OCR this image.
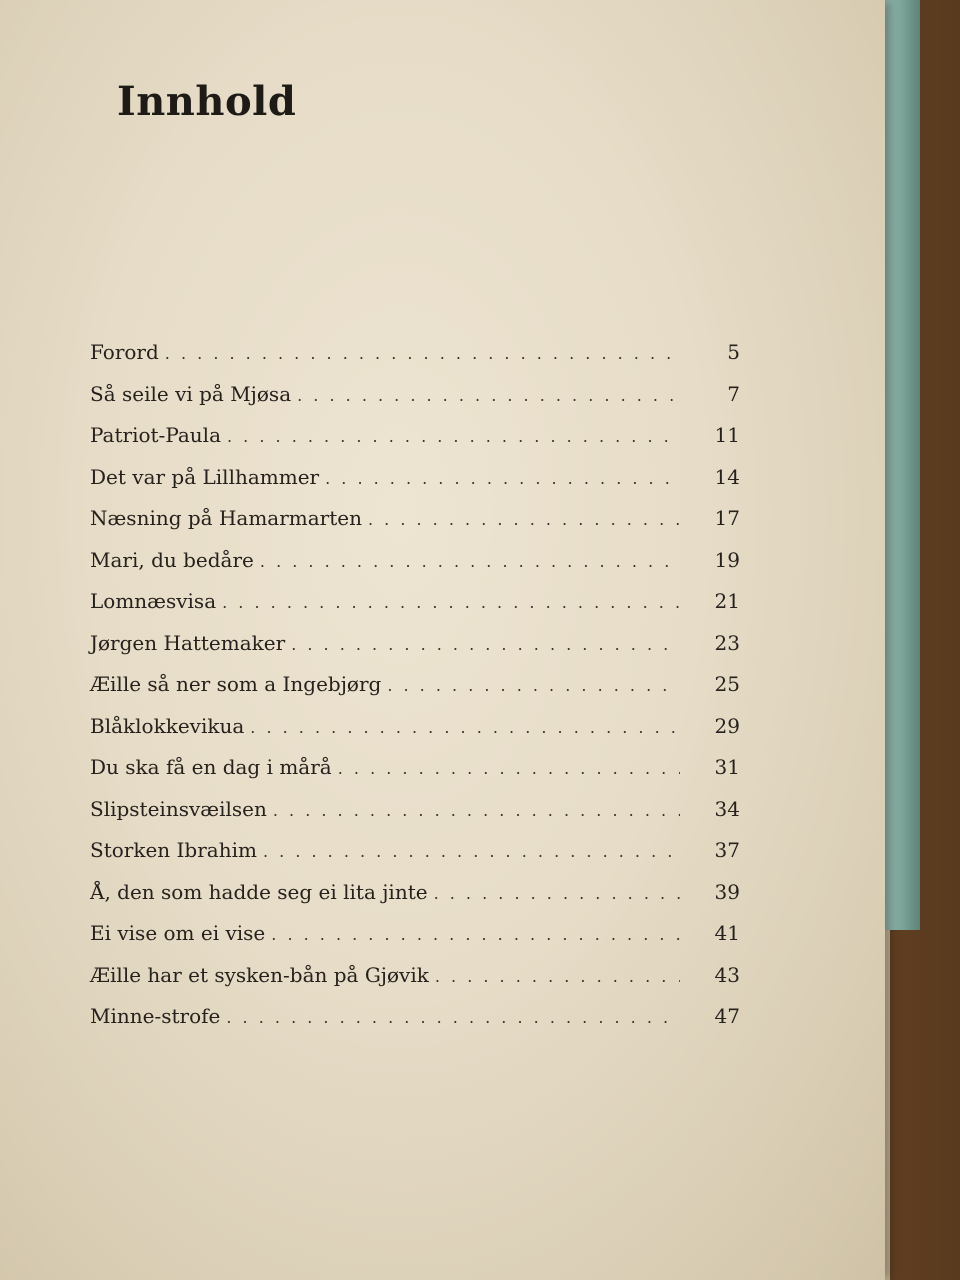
Innhold
Forord . . .	5
Så seile vi på Mjøsa . . .	7
Patriot-Paula . . .	11
Det var på Lillhammer . . .	14
Næsning på Hamarmarten . . .	17
Mari, du bedåre . . .	19
Lomnæsvisa . . .	21
Jørgen Hattemaker . . .	23
Æille så ner som a Ingebjørg . . .	25
Blåklokkevikua . . .	29
Du ska få en dag i mårå . . .	31
Slipsteinsvæilsen . . .	34
Storken Ibrahim . . .	37
Å, den som hadde seg ei lita jinte . . .	39
Ei vise om ei vise . . .	41
Æille har et sysken-bån på Gjøvik . . .	43
Minne-strofe . . .	47
